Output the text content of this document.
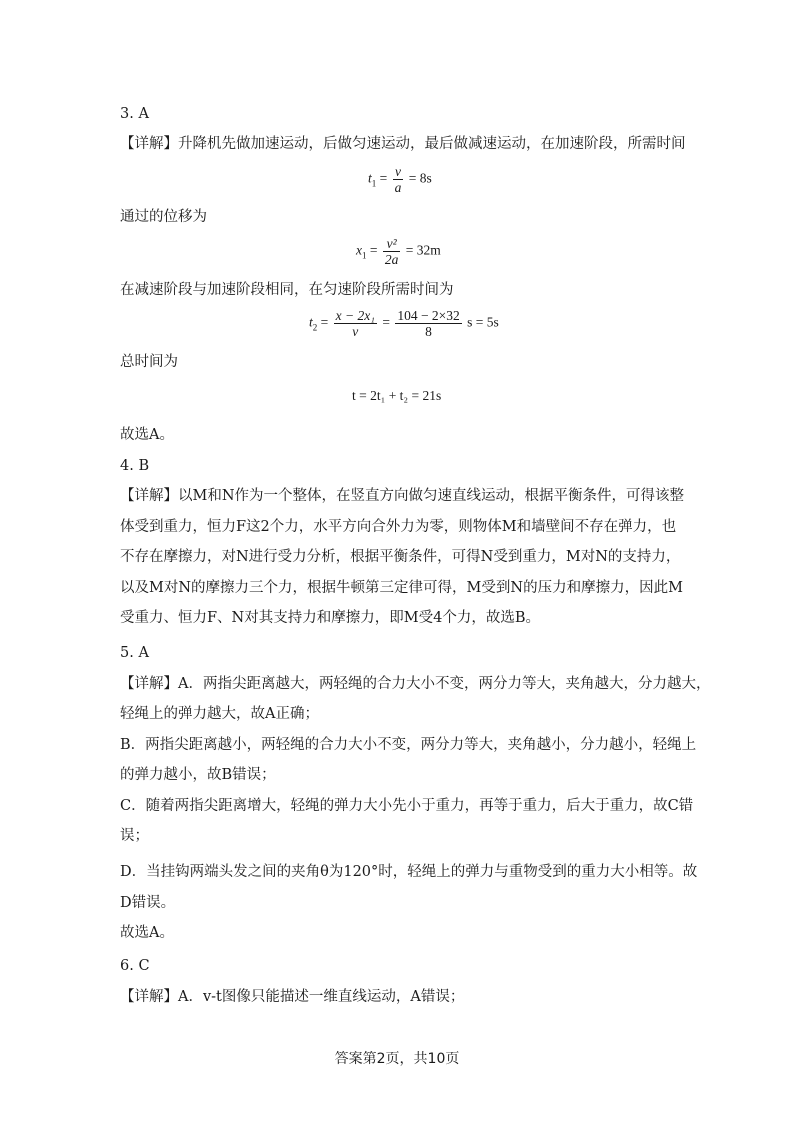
3. A
【详解】升降机先做加速运动，后做匀速运动，最后做减速运动，在加速阶段，所需时间
$t_1 = \frac{v}{a} = 8s$
通过的位移为
$x_1 = \frac{\text{v²}}{2a} = 32m$
在减速阶段与加速阶段相同，在匀速阶段所需时间为
$t_2 = \frac{\text{x − 2x₁}}{v} = \frac{104 - 2\times 32}{8}$ s = 5s
总时间为
t = 2t₁ + t₂ = 21s
故选A。
4. B
【详解】以M和N作为一个整体，在竖直方向做匀速直线运动，根据平衡条件，可得该整
体受到重力，恒力F这2个力，水平方向合外力为零，则物体M和墙壁间不存在弹力，也
不存在摩擦力，对N进行受力分析，根据平衡条件，可得N受到重力，M对N的支持力，
以及M对N的摩擦力三个力，根据牛顿第三定律可得，M受到N的压力和摩擦力，因此M
受重力、恒力F、N对其支持力和摩擦力，即M受4个力，故选B。
5. A
【详解】A．两指尖距离越大，两轻绳的合力大小不变，两分力等大，夹角越大，分力越大，
轻绳上的弹力越大，故A正确；
B．两指尖距离越小，两轻绳的合力大小不变，两分力等大，夹角越小，分力越小，轻绳上
的弹力越小，故B错误；
C．随着两指尖距离增大，轻绳的弹力大小先小于重力，再等于重力，后大于重力，故C错
误；
D．当挂钩两端头发之间的夹角θ为120°时，轻绳上的弹力与重物受到的重力大小相等。故
D错误。
故选A。
6. C
【详解】A．v-t图像只能描述一维直线运动，A错误；
答案第2页，共10页
